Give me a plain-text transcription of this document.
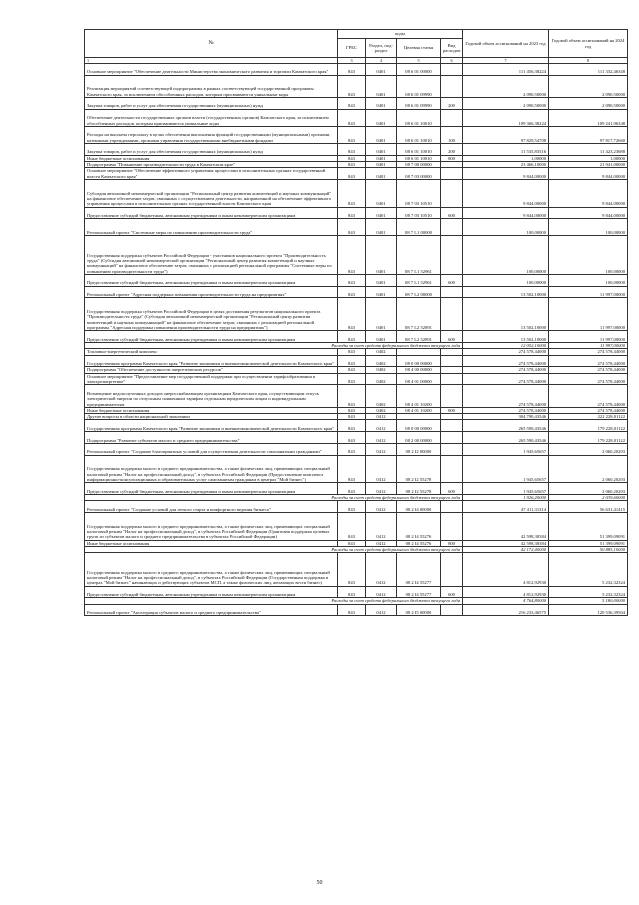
№	коды				Годовой объем ассигнований на 2023 год	Годовой объем ассигнований на 2024 год
	ГРБС	Раздел, под-раздел	Целевая статья	Вид расходов		
1	3	4	5	6	7	8
Основное мероприятие "Обеспечение деятельности Министерства экономического развития и торговли Камчатского края"	843	0401	08 6 01 00000		111 456,38224	111 332,46348
Реализация мероприятий соответствующей подпрограммы в рамках соответствующей государственной программы Камчатского края, за исключением обособленных расходов, которым присваиваются уникальные коды	843	0401	08 6 01 09990		2 090,50000	2 090,50000
Закупка товаров, работ и услуг для обеспечения государственных (муниципальных) нужд	843	0401	08 6 01 09990	200	2 090,50000	2 090,50000
Обеспечение деятельности государственных органов власти (государственных органов) Камчатского края, за исключением обособленных расходов, которым присваиваются уникальные коды	843	0401	08 6 01 10010		109 366,38224	109 241,96348
Расходы на выплаты персоналу в целях обеспечения выполнения функций государственными (муниципальными) органами, казенными учреждениями, органами управления государственными внебюджетными фондами	843	0401	08 6 01 10010	100	97 829,54708	97 817,72660
Закупка товаров, работ и услуг для обеспечения государственных (муниципальных) нужд	843	0401	08 6 01 10010	200	11 535,83516	11 423,23688
Иные бюджетные ассигнования	843	0401	08 6 01 10010	800	1,00000	1,00000
Подпрограмма "Повышение производительности труда в Камчатском крае"	843	0401	08 7 00 00000		23 466,10000	21 941,00000
Основное мероприятие "Обеспечение эффективного управления процессами в исполнительных органах государственной власти Камчатского края"	843	0401	08 7 03 00000		9 844,00000	9 844,00000
Субсидия автономной некоммерческой организации "Региональный центр развития компетенций и научных коммуникаций" на финансовое обеспечение затрат, связанных с осуществлением деятельности, направленной на обеспечение эффективного управления процессами в исполнительных органах государственной власти Камчатского края	843	0401	08 7 03 10510		9 844,00000	9 844,00000
Предоставление субсидий бюджетным, автономным учреждениям и иным некоммерческим организациям	843	0401	08 7 03 10510	600	9 844,00000	9 844,00000
Региональный проект "Системные меры по повышению производительности труда"	843	0401	08 7 L1 00000		100,00000	100,00000
Государственная поддержка субъектов Российской Федерации - участников национального проекта "Производительность труда" (Субсидия автономной некоммерческой организации "Региональный центр развития компетенций и научных коммуникаций" на финансовое обеспечение затрат, связанных с реализацией региональной программы "Системные меры по повышению производительности труда")	843	0401	08 7 L1 52961		100,00000	100,00000
Предоставление субсидий бюджетным, автономным учреждениям и иным некоммерческим организациям	843	0401	08 7 L1 52961	600	100,00000	100,00000
Региональный проект "Адресная поддержка повышения производительности труда на предприятиях"	843	0401	08 7 L2 00000		13 502,10000	11 997,00000
Государственная поддержка субъектов Российской Федерации в целях достижения результатов национального проекта "Производительность труда" (Субсидия автономной некоммерческой организации "Региональный центр развития компетенций и научных коммуникаций" на финансовое обеспечение затрат, связанных с реализацией региональной программы "Адресная поддержка повышения производительности труда на предприятиях")	843	0401	08 7 L2 52891		13 502,10000	11 997,00000
Предоставление субсидий бюджетным, автономным учреждениям и иным некоммерческим организациям	843	0401	08 7 L2 52891	600	13 502,10000	11 997,00000
Расходы за счет средств федерального бюджета текущего года					12 052,10000	11 997,00000
Топливно-энергетический комплекс	843	0402			274 578,44000	274 578,44000
Государственная программа Камчатского края "Развитие экономики и внешнеэкономической деятельности Камчатского края"	843	0402	08 0 00 00000		274 578,44000	274 578,44000
Подпрограмма "Обеспечение доступности энергетических ресурсов"	843	0402	08 4 00 00000		274 578,44000	274 578,44000
Основное мероприятие "Предоставление мер государственной поддержки при осуществлении тарифообразования в электроэнергетике"	843	0402	08 4 01 00000		274 578,44000	274 578,44000
Возмещение недополученных доходов энергоснабжающим организациям Камчатского края, осуществляющим отпуск электрической энергии по отпускным сниженным тарифам отдельным юридическим лицам и индивидуальным предпринимателям	843	0402	08 4 01 10200		274 578,44000	274 578,44000
Иные бюджетные ассигнования	843	0402	08 4 01 10200	800	274 578,44000	274 578,44000
Другие вопросы в области национальной экономики	843	0412			304 790,43546	222 228,01122
Государственная программа Камчатского края "Развитие экономики и внешнеэкономической деятельности Камчатского края"	843	0412	08 0 00 00000		265 590,43546	179 228,01122
Подпрограмма "Развитие субъектов малого и среднего предпринимательства"	843	0412	08 2 00 00000		265 590,43546	179 228,01122
Региональный проект "Создание благоприятных условий для осуществления деятельности самозанятыми гражданами"	843	0412	08 2 I2 00000		1 945,65657	2 060,20203
Государственная поддержка малого и среднего предпринимательства, а также физических лиц, применяющих специальный налоговый режим "Налог на профессиональный доход", в субъектах Российской Федерации (Предоставление комплекса информационно-консультационных и образовательных услуг самозанятым гражданам в центрах "Мой бизнес")	843	0412	08 2 I2 55278		1 945,65657	2 060,20203
Предоставление субсидий бюджетным, автономным учреждениям и иным некоммерческим организациям	843	0412	08 2 I2 55278	600	1 945,65657	2 060,20203
Расходы за счет средств федерального бюджета текущего года					1 926,20000	2 039,60000
Региональный проект "Создание условий для легкого старта и комфортного ведения бизнеса"	843	0412	08 2 I4 00000		47 411,31314	56 631,41415
Государственная поддержка малого и среднего предпринимательства, а также физических лиц, применяющих специальный налоговый режим "Налог на профессиональный доход", в субъектах Российской Федерации (Грантовая поддержка целевых групп из субъектов малого и среднего предпринимательства в субъектах Российской Федерации)	843	0412	08 2 I4 55276		42 598,38384	51 399,09091
Иные бюджетные ассигнования	843	0412	08 2 I4 55276	800	42 598,38384	51 399,09091
Расходы за счет средств федерального бюджета текущего года					42 172,40000	50 885,10000
Государственная поддержка малого и среднего предпринимательства, а также физических лиц, применяющих специальный налоговый режим "Налог на профессиональный доход", в субъектах Российской Федерации (Государственная поддержка в центрах "Мой бизнес" начинающих и действующих субъектов МСП, а также физических лиц, желающих вести бизнес)	843	0412	08 2 I4 55277		4 812,92930	5 232,32324
Предоставление субсидий бюджетным, автономным учреждениям и иным некоммерческим организациям	843	0412	08 2 I4 55277	600	4 812,92930	5 232,32324
Расходы за счет средств федерального бюджета текущего года					4 764,80000	5 180,00000
Региональный проект "Акселерация субъектов малого и среднего предпринимательства"	843	0412	08 2 I5 00000		216 233,46575	120 536,39504
50
